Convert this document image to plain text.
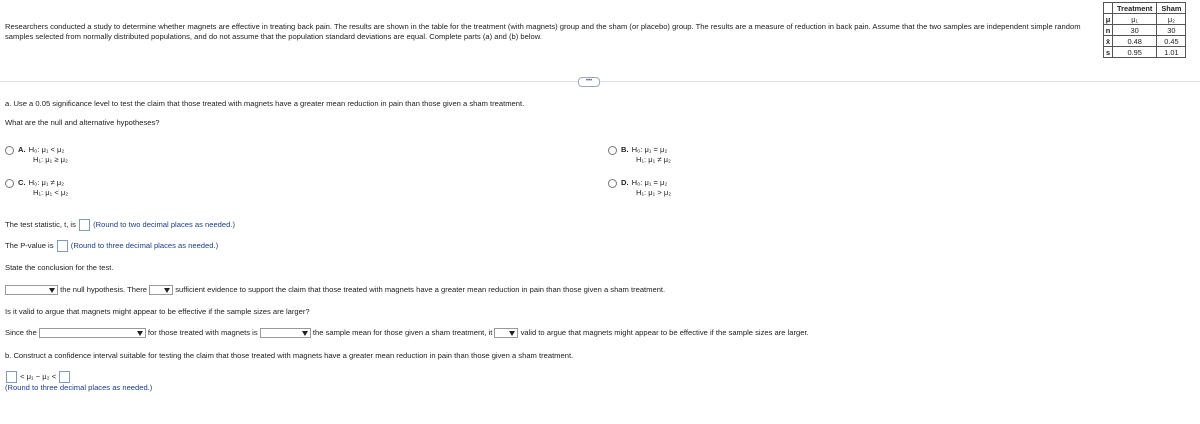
Researchers conducted a study to determine whether magnets are effective in treating back pain. The results are shown in the table for the treatment (with magnets) group and the sham (or placebo) group. The results are a measure of reduction in back pain. Assume that the two samples are independent simple random samples selected from normally distributed populations, and do not assume that the population standard deviations are equal. Complete parts (a) and (b) below.
	Treatment	Sham
μ	μ₁	μ₂
n	30	30
x̄	0.48	0.45
s	0.95	1.01
•••
a. Use a 0.05 significance level to test the claim that those treated with magnets have a greater mean reduction in pain than those given a sham treatment.
What are the null and alternative hypotheses?
A. H₀: μ₁ < μ₂
H₁: μ₁ ≥ μ₂
B. H₀: μ₁ = μ₂
H₁: μ₁ ≠ μ₂
C. H₀: μ₁ ≠ μ₂
H₁: μ₁ < μ₂
D. H₀: μ₁ = μ₂
H₁: μ₁ > μ₂
The test statistic, t, is (Round to two decimal places as needed.)
The P-value is (Round to three decimal places as needed.)
State the conclusion for the test.
the null hypothesis. There	sufficient evidence to support the claim that those treated with magnets have a greater mean reduction in pain than those given a sham treatment.
Is it valid to argue that magnets might appear to be effective if the sample sizes are larger?
Since the	for those treated with magnets is	the sample mean for those given a sham treatment, it	valid to argue that magnets might appear to be effective if the sample sizes are larger.
b. Construct a confidence interval suitable for testing the claim that those treated with magnets have a greater mean reduction in pain than those given a sham treatment.
< μ₁ − μ₂ <
(Round to three decimal places as needed.)
